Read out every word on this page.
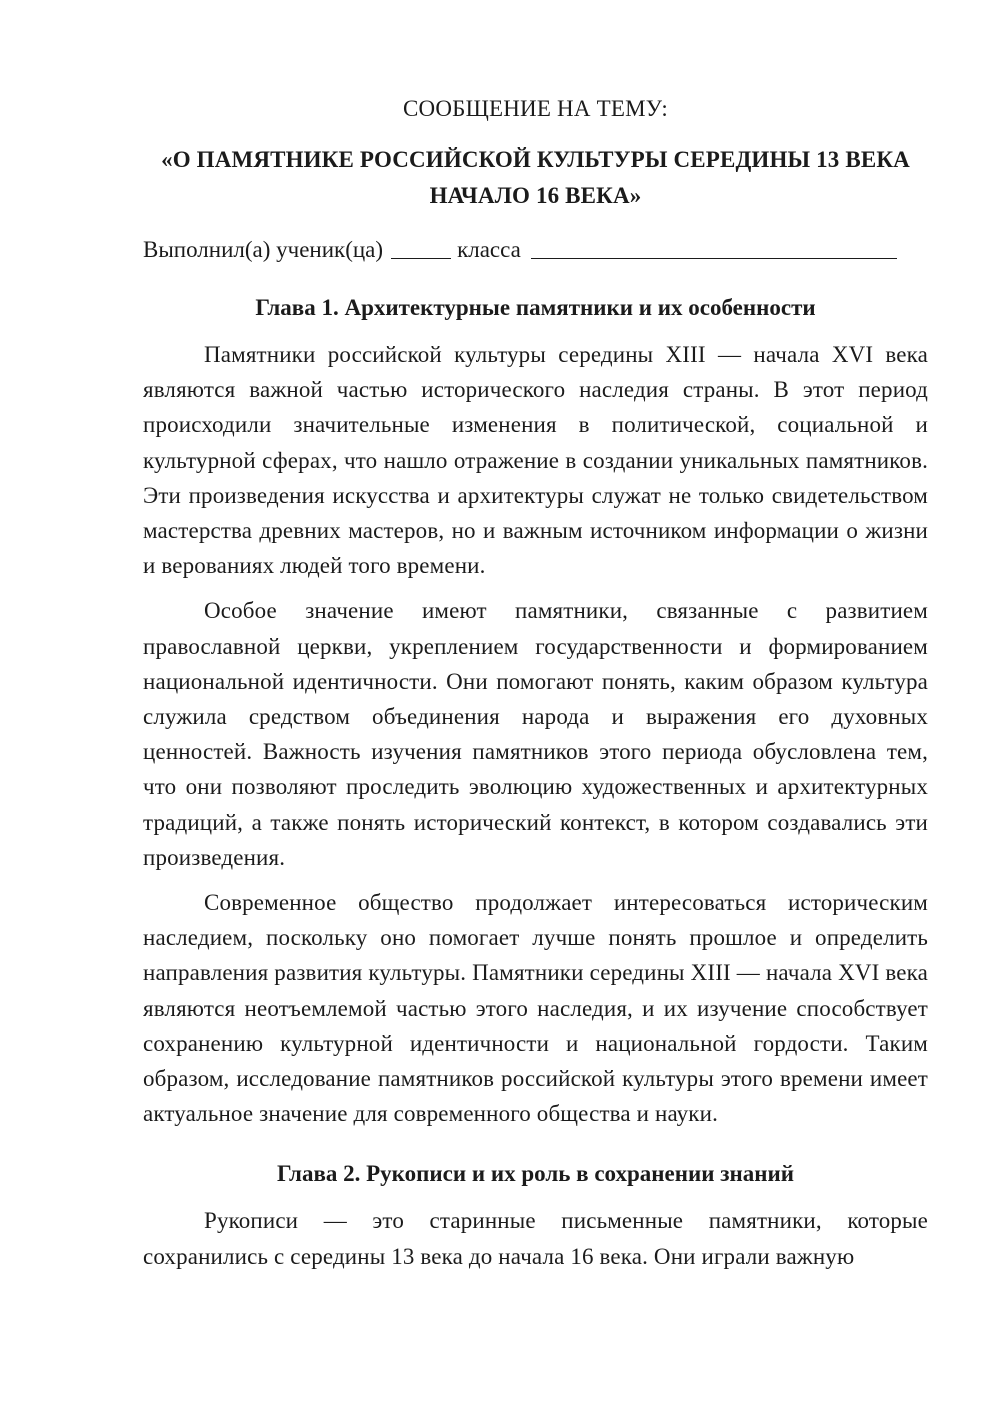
СООБЩЕНИЕ НА ТЕМУ:

«О ПАМЯТНИКЕ РОССИЙСКОЙ КУЛЬТУРЫ СЕРЕДИНЫ 13 ВЕКА НАЧАЛО 16 ВЕКА»

Выполнил(а) ученик(ца)	класса
Глава 1. Архитектурные памятники и их особенности

Памятники российской культуры середины XIII — начала XVI века являются важной частью исторического наследия страны. В этот период происходили значительные изменения в политической, социальной и культурной сферах, что нашло отражение в создании уникальных памятников. Эти произведения искусства и архитектуры служат не только свидетельством мастерства древних мастеров, но и важным источником информации о жизни и верованиях людей того времени.

Особое значение имеют памятники, связанные с развитием православной церкви, укреплением государственности и формированием национальной идентичности. Они помогают понять, каким образом культура служила средством объединения народа и выражения его духовных ценностей. Важность изучения памятников этого периода обусловлена тем, что они позволяют проследить эволюцию художественных и архитектурных традиций, а также понять исторический контекст, в котором создавались эти произведения.

Современное общество продолжает интересоваться историческим наследием, поскольку оно помогает лучше понять прошлое и определить направления развития культуры. Памятники середины XIII — начала XVI века являются неотъемлемой частью этого наследия, и их изучение способствует сохранению культурной идентичности и национальной гордости. Таким образом, исследование памятников российской культуры этого времени имеет актуальное значение для современного общества и науки.

Глава 2. Рукописи и их роль в сохранении знаний

Рукописи — это старинные письменные памятники, которые сохранились с середины 13 века до начала 16 века. Они играли важную
